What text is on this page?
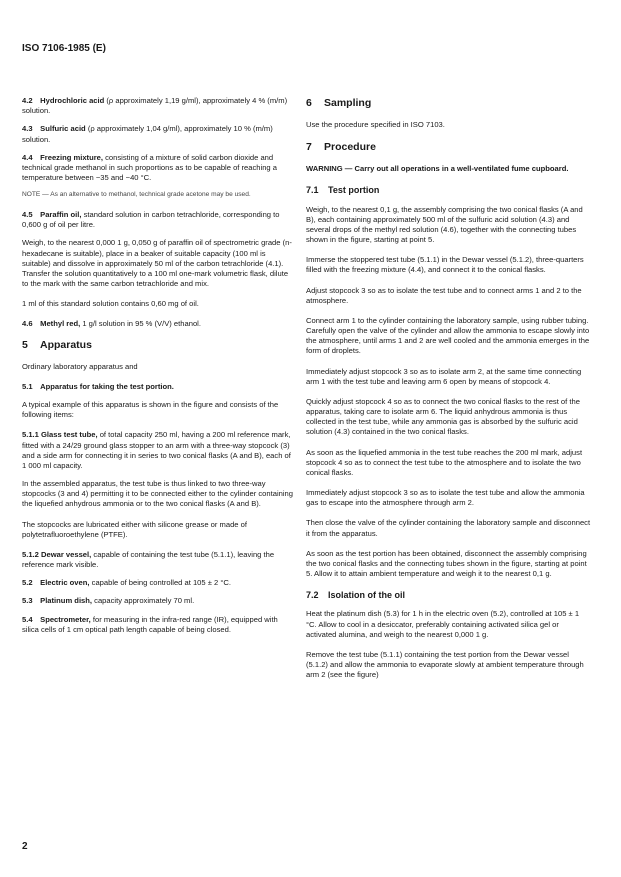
ISO 7106-1985 (E)

4.2 Hydrochloric acid (ρ approximately 1,19 g/ml), approximately 4 % (m/m) solution.

4.3 Sulfuric acid (ρ approximately 1,04 g/ml), approximately 10 % (m/m) solution.

4.4 Freezing mixture, consisting of a mixture of solid carbon dioxide and technical grade methanol in such proportions as to be capable of reaching a temperature between −35 and −40 °C.

NOTE — As an alternative to methanol, technical grade acetone may be used.

4.5 Paraffin oil, standard solution in carbon tetrachloride, corresponding to 0,600 g of oil per litre.

Weigh, to the nearest 0,000 1 g, 0,050 g of paraffin oil of spectrometric grade (n-hexadecane is suitable), place in a beaker of suitable capacity (100 ml is suitable) and dissolve in approximately 50 ml of the carbon tetrachloride (4.1). Transfer the solution quantitatively to a 100 ml one-mark volumetric flask, dilute to the mark with the same carbon tetrachloride and mix.

1 ml of this standard solution contains 0,60 mg of oil.

4.6 Methyl red, 1 g/l solution in 95 % (V/V) ethanol.

5 Apparatus

Ordinary laboratory apparatus and

5.1 Apparatus for taking the test portion.

A typical example of this apparatus is shown in the figure and consists of the following items:

5.1.1 Glass test tube, of total capacity 250 ml, having a 200 ml reference mark, fitted with a 24/29 ground glass stopper to an arm with a three-way stopcock (3) and a side arm for connecting it in series to two conical flasks (A and B), each of 1 000 ml capacity.

In the assembled apparatus, the test tube is thus linked to two three-way stopcocks (3 and 4) permitting it to be connected either to the cylinder containing the liquefied anhydrous ammonia or to the two conical flasks (A and B).

The stopcocks are lubricated either with silicone grease or made of polytetrafluoroethylene (PTFE).

5.1.2 Dewar vessel, capable of containing the test tube (5.1.1), leaving the reference mark visible.

5.2 Electric oven, capable of being controlled at 105 ± 2 °C.

5.3 Platinum dish, capacity approximately 70 ml.

5.4 Spectrometer, for measuring in the infra-red range (IR), equipped with silica cells of 1 cm optical path length capable of being closed.

6 Sampling

Use the procedure specified in ISO 7103.

7 Procedure

WARNING — Carry out all operations in a well-ventilated fume cupboard.

7.1 Test portion

Weigh, to the nearest 0,1 g, the assembly comprising the two conical flasks (A and B), each containing approximately 500 ml of the sulfuric acid solution (4.3) and several drops of the methyl red solution (4.6), together with the connecting tubes shown in the figure, starting at point 5.

Immerse the stoppered test tube (5.1.1) in the Dewar vessel (5.1.2), three-quarters filled with the freezing mixture (4.4), and connect it to the conical flasks.

Adjust stopcock 3 so as to isolate the test tube and to connect arms 1 and 2 to the atmosphere.

Connect arm 1 to the cylinder containing the laboratory sample, using rubber tubing. Carefully open the valve of the cylinder and allow the ammonia to escape slowly into the atmosphere, until arms 1 and 2 are well cooled and the ammonia emerges in the form of droplets.

Immediately adjust stopcock 3 so as to isolate arm 2, at the same time connecting arm 1 with the test tube and leaving arm 6 open by means of stopcock 4.

Quickly adjust stopcock 4 so as to connect the two conical flasks to the rest of the apparatus, taking care to isolate arm 6. The liquid anhydrous ammonia is thus collected in the test tube, while any ammonia gas is absorbed by the sulfuric acid solution (4.3) contained in the two conical flasks.

As soon as the liquefied ammonia in the test tube reaches the 200 ml mark, adjust stopcock 4 so as to connect the test tube to the atmosphere and to isolate the two conical flasks.

Immediately adjust stopcock 3 so as to isolate the test tube and allow the ammonia gas to escape into the atmosphere through arm 2.

Then close the valve of the cylinder containing the laboratory sample and disconnect it from the apparatus.

As soon as the test portion has been obtained, disconnect the assembly comprising the two conical flasks and the connecting tubes shown in the figure, starting at point 5. Allow it to attain ambient temperature and weigh it to the nearest 0,1 g.

7.2 Isolation of the oil

Heat the platinum dish (5.3) for 1 h in the electric oven (5.2), controlled at 105 ± 1 °C. Allow to cool in a desiccator, preferably containing activated silica gel or activated alumina, and weigh to the nearest 0,000 1 g.

Remove the test tube (5.1.1) containing the test portion from the Dewar vessel (5.1.2) and allow the ammonia to evaporate slowly at ambient temperature through arm 2 (see the figure)

2
